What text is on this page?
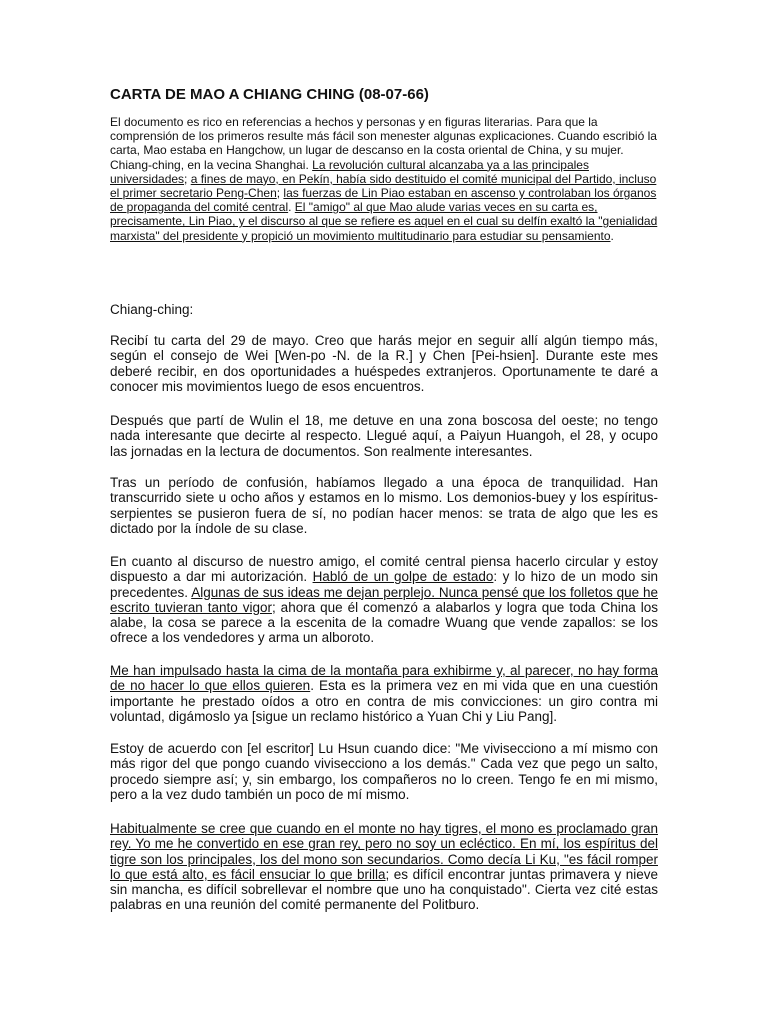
CARTA DE MAO A CHIANG CHING (08-07-66)

El documento es rico en referencias a hechos y personas y en figuras literarias. Para que la comprensión de los primeros resulte más fácil son menester algunas explicaciones. Cuando escribió la carta, Mao estaba en Hangchow, un lugar de descanso en la costa oriental de China, y su mujer. Chiang-ching, en la vecina Shanghai. La revolución cultural alcanzaba ya a las principales universidades; a fines de mayo, en Pekín, había sido destituido el comité municipal del Partido, incluso el primer secretario Peng-Chen; las fuerzas de Lin Piao estaban en ascenso y controlaban los órganos de propaganda del comité central. El "amigo" al que Mao alude varias veces en su carta es, precisamente, Lin Piao, y el discurso al que se refiere es aquel en el cual su delfín exaltó la "genialidad marxista" del presidente y propició un movimiento multitudinario para estudiar su pensamiento.

Chiang-ching:

Recibí tu carta del 29 de mayo. Creo que harás mejor en seguir allí algún tiempo más, según el consejo de Wei [Wen-po -N. de la R.] y Chen [Pei-hsien]. Durante este mes deberé recibir, en dos oportunidades a huéspedes extranjeros. Oportunamente te daré a conocer mis movimientos luego de esos encuentros.

Después que partí de Wulin el 18, me detuve en una zona boscosa del oeste; no tengo nada interesante que decirte al respecto. Llegué aquí, a Paiyun Huangoh, el 28, y ocupo las jornadas en la lectura de documentos. Son realmente interesantes.

Tras un período de confusión, habíamos llegado a una época de tranquilidad. Han transcurrido siete u ocho años y estamos en lo mismo. Los demonios-buey y los espíritus-serpientes se pusieron fuera de sí, no podían hacer menos: se trata de algo que les es dictado por la índole de su clase.

En cuanto al discurso de nuestro amigo, el comité central piensa hacerlo circular y estoy dispuesto a dar mi autorización. Habló de un golpe de estado: y lo hizo de un modo sin precedentes. Algunas de sus ideas me dejan perplejo. Nunca pensé que los folletos que he escrito tuvieran tanto vigor; ahora que él comenzó a alabarlos y logra que toda China los alabe, la cosa se parece a la escenita de la comadre Wuang que vende zapallos: se los ofrece a los vendedores y arma un alboroto.

Me han impulsado hasta la cima de la montaña para exhibirme y, al parecer, no hay forma de no hacer lo que ellos quieren. Esta es la primera vez en mi vida que en una cuestión importante he prestado oídos a otro en contra de mis convicciones: un giro contra mi voluntad, digámoslo ya [sigue un reclamo histórico a Yuan Chi y Liu Pang].

Estoy de acuerdo con [el escritor] Lu Hsun cuando dice: "Me vivisecciono a mí mismo con más rigor del que pongo cuando vivisecciono a los demás." Cada vez que pego un salto, procedo siempre así; y, sin embargo, los compañeros no lo creen. Tengo fe en mi mismo, pero a la vez dudo también un poco de mí mismo.

Habitualmente se cree que cuando en el monte no hay tigres, el mono es proclamado gran rey. Yo me he convertido en ese gran rey, pero no soy un ecléctico. En mí, los espíritus del tigre son los principales, los del mono son secundarios. Como decía Li Ku, "es fácil romper lo que está alto, es fácil ensuciar lo que brilla; es difícil encontrar juntas primavera y nieve sin mancha, es difícil sobrellevar el nombre que uno ha conquistado". Cierta vez cité estas palabras en una reunión del comité permanente del Politburo.
